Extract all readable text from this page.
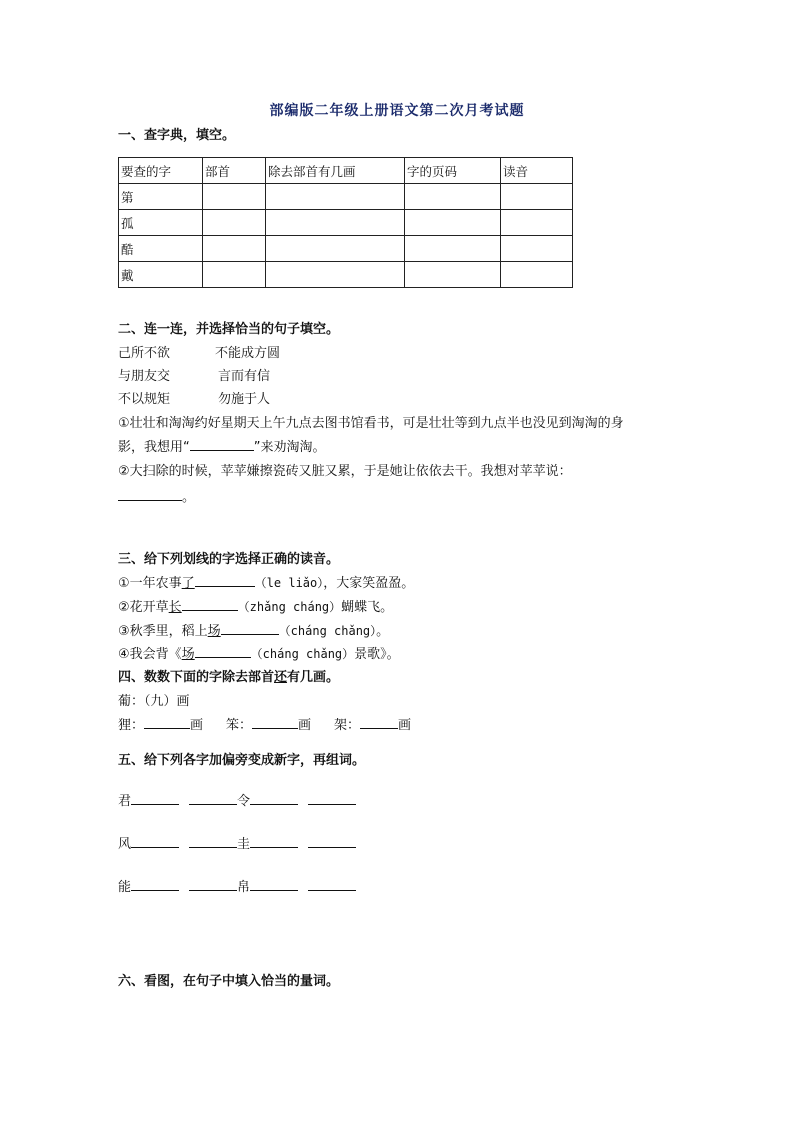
部编版二年级上册语文第二次月考试题
一、查字典，填空。
要查的字	部首	除去部首有几画	字的页码	读音
第				
孤				
酷				
戴				
二、连一连，并选择恰当的句子填空。
己所不欲	不能成方圆
与朋友交	言而有信
不以规矩	勿施于人
①壮壮和淘淘约好星期天上午九点去图书馆看书，可是壮壮等到九点半也没见到淘淘的身
影，我想用“	”来劝淘淘。
②大扫除的时候，苹苹嫌擦瓷砖又脏又累，于是她让依依去干。我想对苹苹说：
。
三、给下列划线的字选择正确的读音。
①一年农事了	（le liǎo），大家笑盈盈。
②花开草长	（zhǎng cháng）蝴蝶飞。
③秋季里，稻上场	（cháng chǎng）。
④我会背《场	（cháng chǎng）景歌》。
四、数数下面的字除去部首还有几画。
葡：（九）画
狸：	画 笨：	画 架：	画
五、给下列各字加偏旁变成新字，再组词。
君	令
风	圭
能	帛
六、看图，在句子中填入恰当的量词。
